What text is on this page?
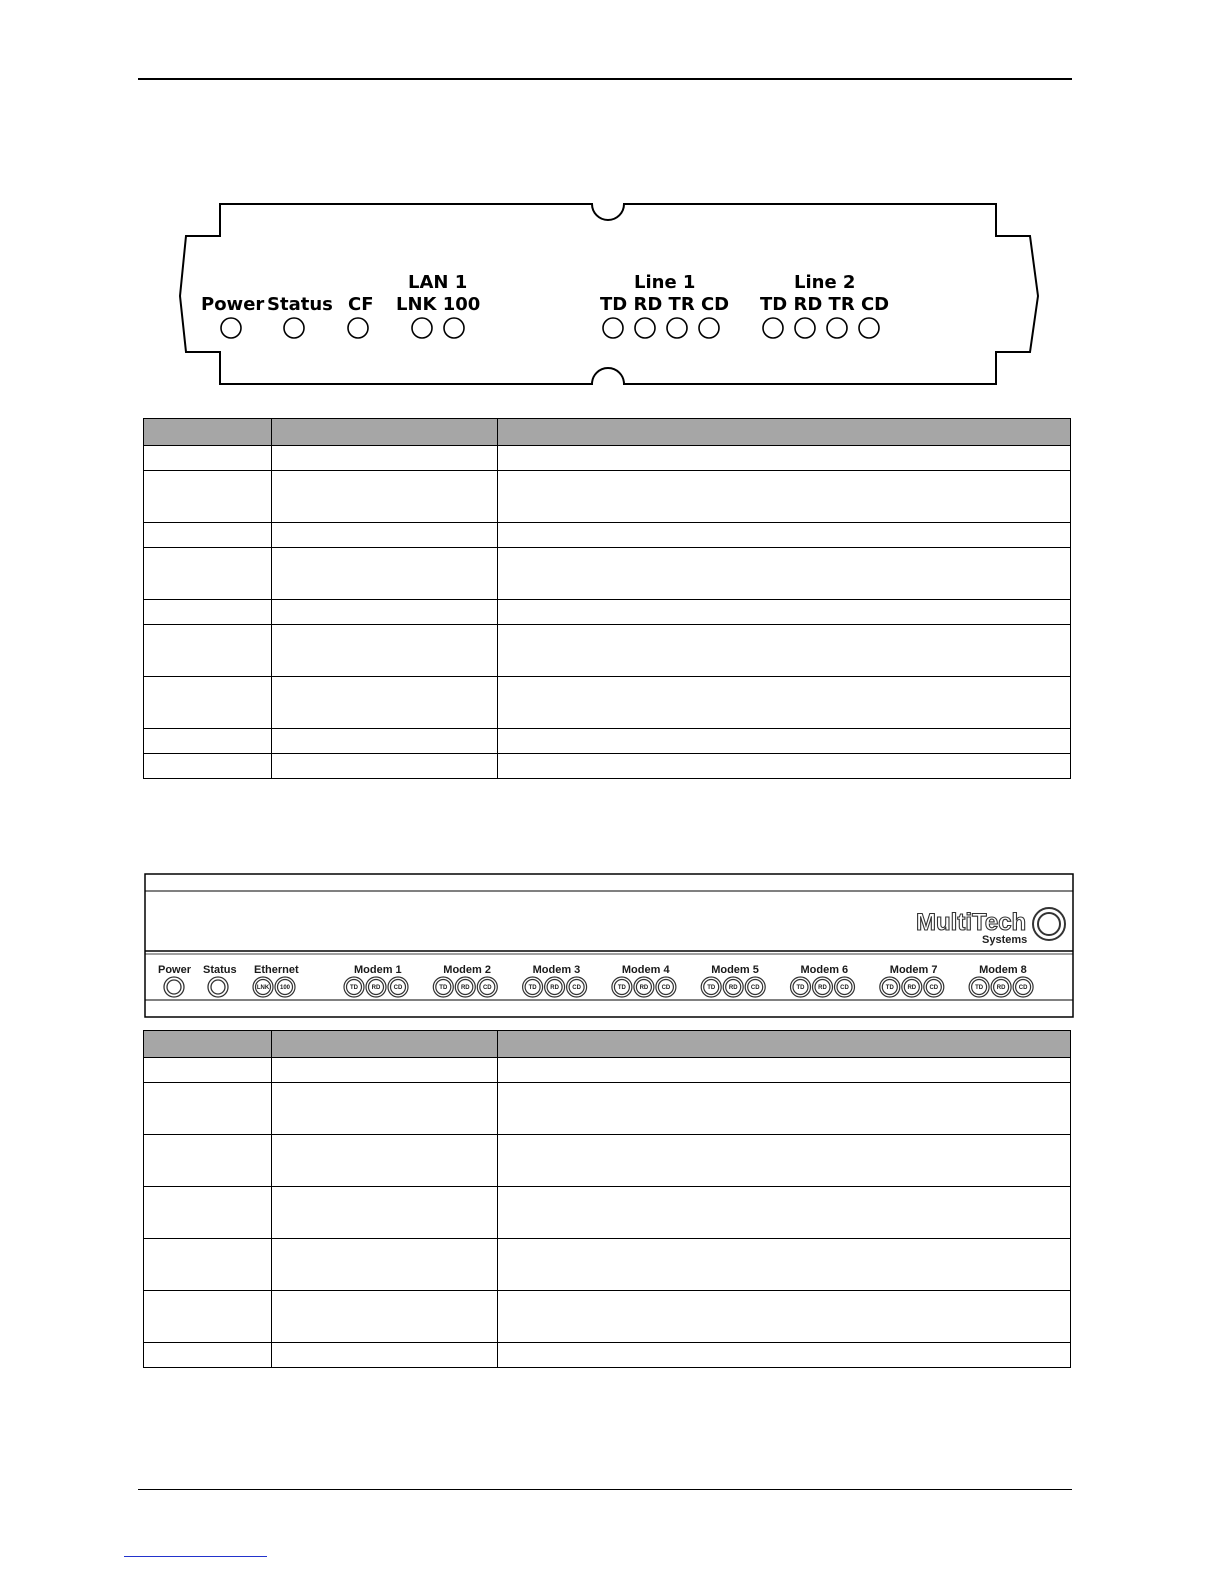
Power Status CF
LAN 1
LNK 100
Line 1
TD RD TR CD
Line 2
TD RD TR CD

MultiTech
Systems
Power Status Ethernet
LNK 100
Modem 1
TD RD CD
Modem 2
TD RD CD
Modem 3
TD RD CD
Modem 4
TD RD CD
Modem 5
TD RD CD
Modem 6
TD RD CD
Modem 7
TD RD CD
Modem 8
TD RD CD
